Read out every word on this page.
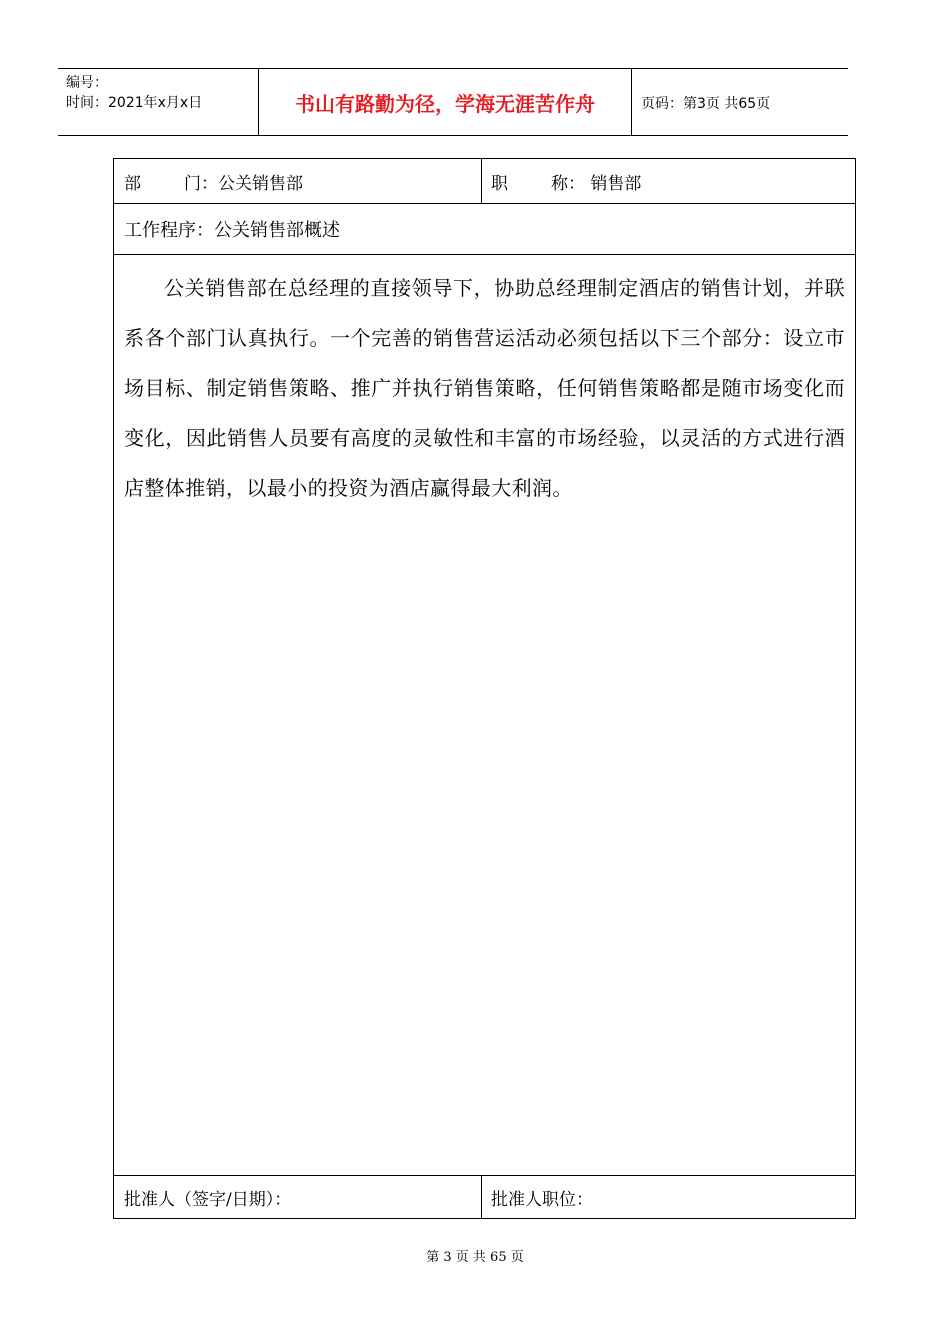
编号：
时间：2021年x月x日	书山有路勤为径，学海无涯苦作舟	页码：第3页 共65页
部	门：公关销售部	职	称： 销售部
工作程序：公关销售部概述
公关销售部在总经理的直接领导下，协助总经理制定酒店的销售计划，并联系各个部门认真执行。一个完善的销售营运活动必须包括以下三个部分：设立市场目标、制定销售策略、推广并执行销售策略，任何销售策略都是随市场变化而变化，因此销售人员要有高度的灵敏性和丰富的市场经验，以灵活的方式进行酒店整体推销，以最小的投资为酒店赢得最大利润。
批准人（签字/日期）：	批准人职位：
第 3 页 共 65 页
